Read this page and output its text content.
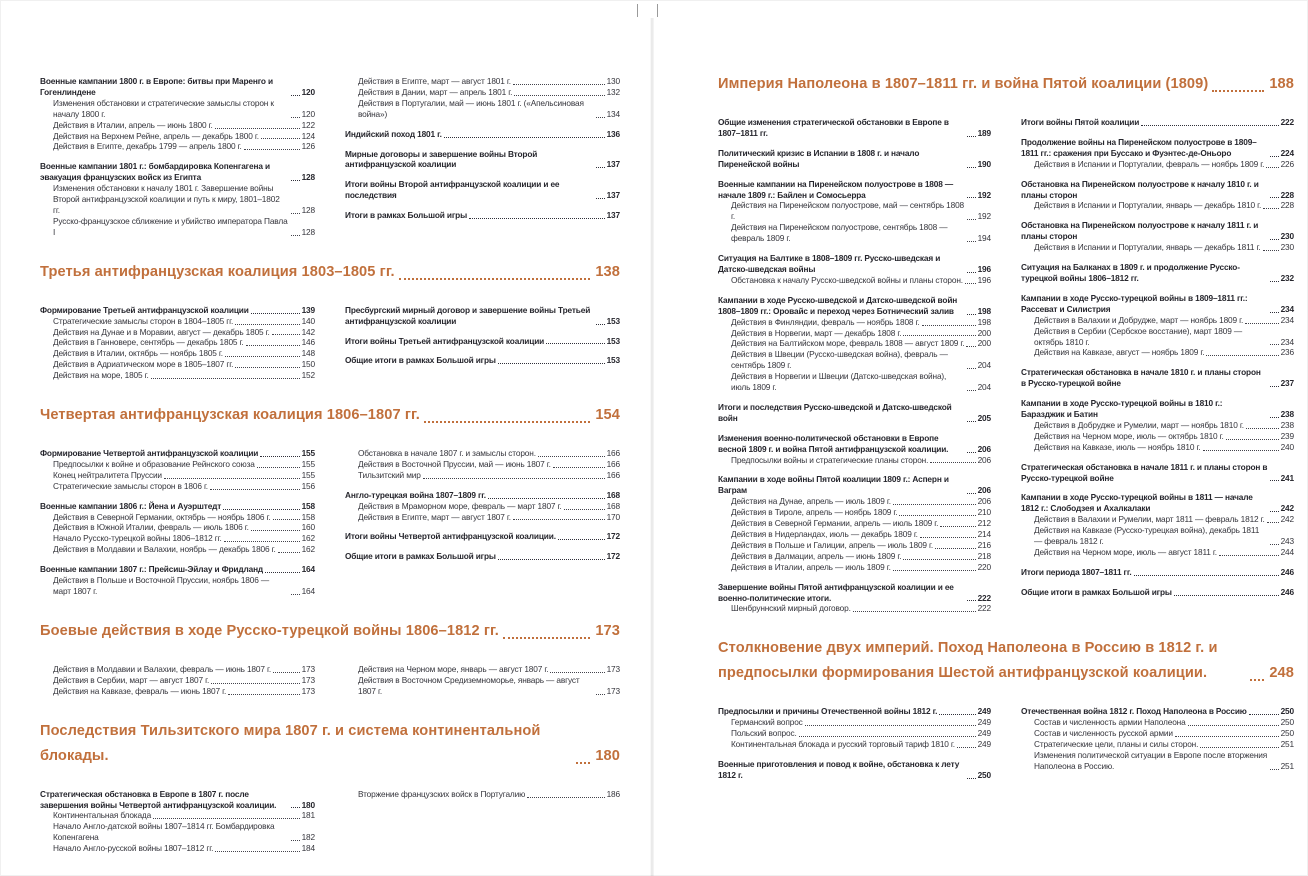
Военные кампании 1800 г. в Европе: битвы при Маренго и Гогенлиндене	120
Изменения обстановки и стратегические замыслы сторон к началу 1800 г.	120
Действия в Италии, апрель — июнь 1800 г.	122
Действия на Верхнем Рейне, апрель — декабрь 1800 г.	124
Действия в Египте, декабрь 1799 — апрель 1800 г.	126
Военные кампании 1801 г.: бомбардировка Копенгагена и эвакуация французских войск из Египта	128
Изменения обстановки к началу 1801 г. Завершение войны Второй антифранцузской коалиции и путь к миру, 1801–1802 гг.	128
Русско-французское сближение и убийство императора Павла I	128
Действия в Египте, март — август 1801 г.	130
Действия в Дании, март — апрель 1801 г.	132
Действия в Португалии, май — июнь 1801 г. («Апельсиновая война»)	134
Индийский поход 1801 г.	136
Мирные договоры и завершение войны Второй антифранцузской коалиции	137
Итоги войны Второй антифранцузской коалиции и ее последствия	137
Итоги в рамках Большой игры	137
Третья антифранцузская коалиция 1803–1805 гг.	138
Формирование Третьей антифранцузской коалиции	139
Стратегические замыслы сторон в 1804–1805 гг.	140
Действия на Дунае и в Моравии, август — декабрь 1805 г.	142
Действия в Ганновере, сентябрь — декабрь 1805 г.	146
Действия в Италии, октябрь — ноябрь 1805 г.	148
Действия в Адриатическом море в 1805–1807 гг.	150
Действия на море, 1805 г.	152
Пресбургский мирный договор и завершение войны Третьей антифранцузской коалиции	153
Итоги войны Третьей антифранцузской коалиции	153
Общие итоги в рамках Большой игры	153
Четвертая антифранцузская коалиция 1806–1807 гг.	154
Формирование Четвертой антифранцузской коалиции	155
Предпосылки к войне и образование Рейнского союза	155
Конец нейтралитета Пруссии	155
Стратегические замыслы сторон в 1806 г.	156
Военные кампании 1806 г.: Йена и Ауэрштедт	158
Действия в Северной Германии, октябрь — ноябрь 1806 г.	158
Действия в Южной Италии, февраль — июль 1806 г.	160
Начало Русско-турецкой войны 1806–1812 гг.	162
Действия в Молдавии и Валахии, ноябрь — декабрь 1806 г.	162
Военные кампании 1807 г.: Прейсиш-Эйлау и Фридланд	164
Действия в Польше и Восточной Пруссии, ноябрь 1806 — март 1807 г.	164
Обстановка в начале 1807 г. и замыслы сторон.	166
Действия в Восточной Пруссии, май — июнь 1807 г.	166
Тильзитский мир	166
Англо-турецкая война 1807–1809 гг.	168
Действия в Мраморном море, февраль — март 1807 г.	168
Действия в Египте, март — август 1807 г.	170
Итоги войны Четвертой антифранцузской коалиции.	172
Общие итоги в рамках Большой игры	172
Боевые действия в ходе Русско-турецкой войны 1806–1812 гг.	173
Действия в Молдавии и Валахии, февраль — июнь 1807 г.	173
Действия в Сербии, март — август 1807 г.	173
Действия на Кавказе, февраль — июнь 1807 г.	173
Действия на Черном море, январь — август 1807 г.	173
Действия в Восточном Средиземноморье, январь — август 1807 г.	173
Последствия Тильзитского мира 1807 г. и система континентальной блокады.	180
Стратегическая обстановка в Европе в 1807 г. после завершения войны Четвертой антифранцузской коалиции.	180
Континентальная блокада	181
Начало Англо-датской войны 1807–1814 гг. Бомбардировка Копенгагена	182
Начало Англо-русской войны 1807–1812 гг.	184
Вторжение французских войск в Португалию	186
Империя Наполеона в 1807–1811 гг. и война Пятой коалиции (1809)	188
Общие изменения стратегической обстановки в Европе в 1807–1811 гг.	189
Политический кризис в Испании в 1808 г. и начало Пиренейской войны	190
Военные кампании на Пиренейском полуострове в 1808 — начале 1809 г.: Байлен и Сомосьерра	192
Действия на Пиренейском полуострове, май — сентябрь 1808 г.	192
Действия на Пиренейском полуострове, сентябрь 1808 — февраль 1809 г.	194
Ситуация на Балтике в 1808–1809 гг. Русско-шведская и Датско-шведская войны	196
Обстановка к началу Русско-шведской войны и планы сторон. 196
Кампании в ходе Русско-шведской и Датско-шведской войн 1808–1809 гг.: Оровайс и переход через Ботнический залив	198
Действия в Финляндии, февраль — ноябрь 1808 г.	198
Действия в Норвегии, март — декабрь 1808 г.	200
Действия на Балтийском море, февраль 1808 — август 1809 г. 200
Действия в Швеции (Русско-шведская война), февраль — сентябрь 1809 г.	204
Действия в Норвегии и Швеции (Датско-шведская война), июль 1809 г.	204
Итоги и последствия Русско-шведской и Датско-шведской войн	205
Изменения военно-политической обстановки в Европе весной 1809 г. и война Пятой антифранцузской коалиции.	206
Предпосылки войны и стратегические планы сторон.	206
Кампании в ходе войны Пятой коалиции 1809 г.: Асперн и Ваграм	206
Действия на Дунае, апрель — июль 1809 г.	206
Действия в Тироле, апрель — ноябрь 1809 г.	210
Действия в Северной Германии, апрель — июль 1809 г.	212
Действия в Нидерландах, июль — декабрь 1809 г.	214
Действия в Польше и Галиции, апрель — июль 1809 г.	216
Действия в Далмации, апрель — июнь 1809 г.	218
Действия в Италии, апрель — июль 1809 г.	220
Завершение войны Пятой антифранцузской коалиции и ее военно-политические итоги.	222
Шенбруннский мирный договор.	222
Итоги войны Пятой коалиции	222
Продолжение войны на Пиренейском полуострове в 1809–1811 гг.: сражения при Буссако и Фуэнтес-де-Оньоро	224
Действия в Испании и Португалии, февраль — ноябрь 1809 г. 226
Обстановка на Пиренейском полуострове к началу 1810 г. и планы сторон	228
Действия в Испании и Португалии, январь — декабрь 1810 г. 228
Обстановка на Пиренейском полуострове к началу 1811 г. и планы сторон	230
Действия в Испании и Португалии, январь — декабрь 1811 г. 230
Ситуация на Балканах в 1809 г. и продолжение Русско-турецкой войны 1806–1812 гг.	232
Кампании в ходе Русско-турецкой войны в 1809–1811 гг.: Рассеват и Силистрия	234
Действия в Валахии и Добрудже, март — ноябрь 1809 г.	234
Действия в Сербии (Сербское восстание), март 1809 — октябрь 1810 г.	234
Действия на Кавказе, август — ноябрь 1809 г.	236
Стратегическая обстановка в начале 1810 г. и планы сторон в Русско-турецкой войне	237
Кампании в ходе Русско-турецкой войны в 1810 г.: Баразджик и Батин	238
Действия в Добрудже и Румелии, март — ноябрь 1810 г.	238
Действия на Черном море, июль — октябрь 1810 г.	239
Действия на Кавказе, июль — ноябрь 1810 г.	240
Стратегическая обстановка в начале 1811 г. и планы сторон в Русско-турецкой войне	241
Кампании в ходе Русско-турецкой войны в 1811 — начале 1812 г.: Слободзея и Ахалкалаки	242
Действия в Валахии и Румелии, март 1811 — февраль 1812 г. 242
Действия на Кавказе (Русско-турецкая война), декабрь 1811 — февраль 1812 г.	243
Действия на Черном море, июль — август 1811 г.	244
Итоги периода 1807–1811 гг.	246
Общие итоги в рамках Большой игры	246
Столкновение двух империй. Поход Наполеона в Россию в 1812 г. и предпосылки формирования Шестой антифранцузской коалиции.	248
Предпосылки и причины Отечественной войны 1812 г.	249
Германский вопрос	249
Польский вопрос.	249
Континентальная блокада и русский торговый тариф 1810 г.	249
Военные приготовления и повод к войне, обстановка к лету 1812 г.	250
Отечественная война 1812 г. Поход Наполеона в Россию	250
Состав и численность армии Наполеона	250
Состав и численность русской армии	250
Стратегические цели, планы и силы сторон.	251
Изменения политической ситуации в Европе после вторжения Наполеона в Россию.	251
